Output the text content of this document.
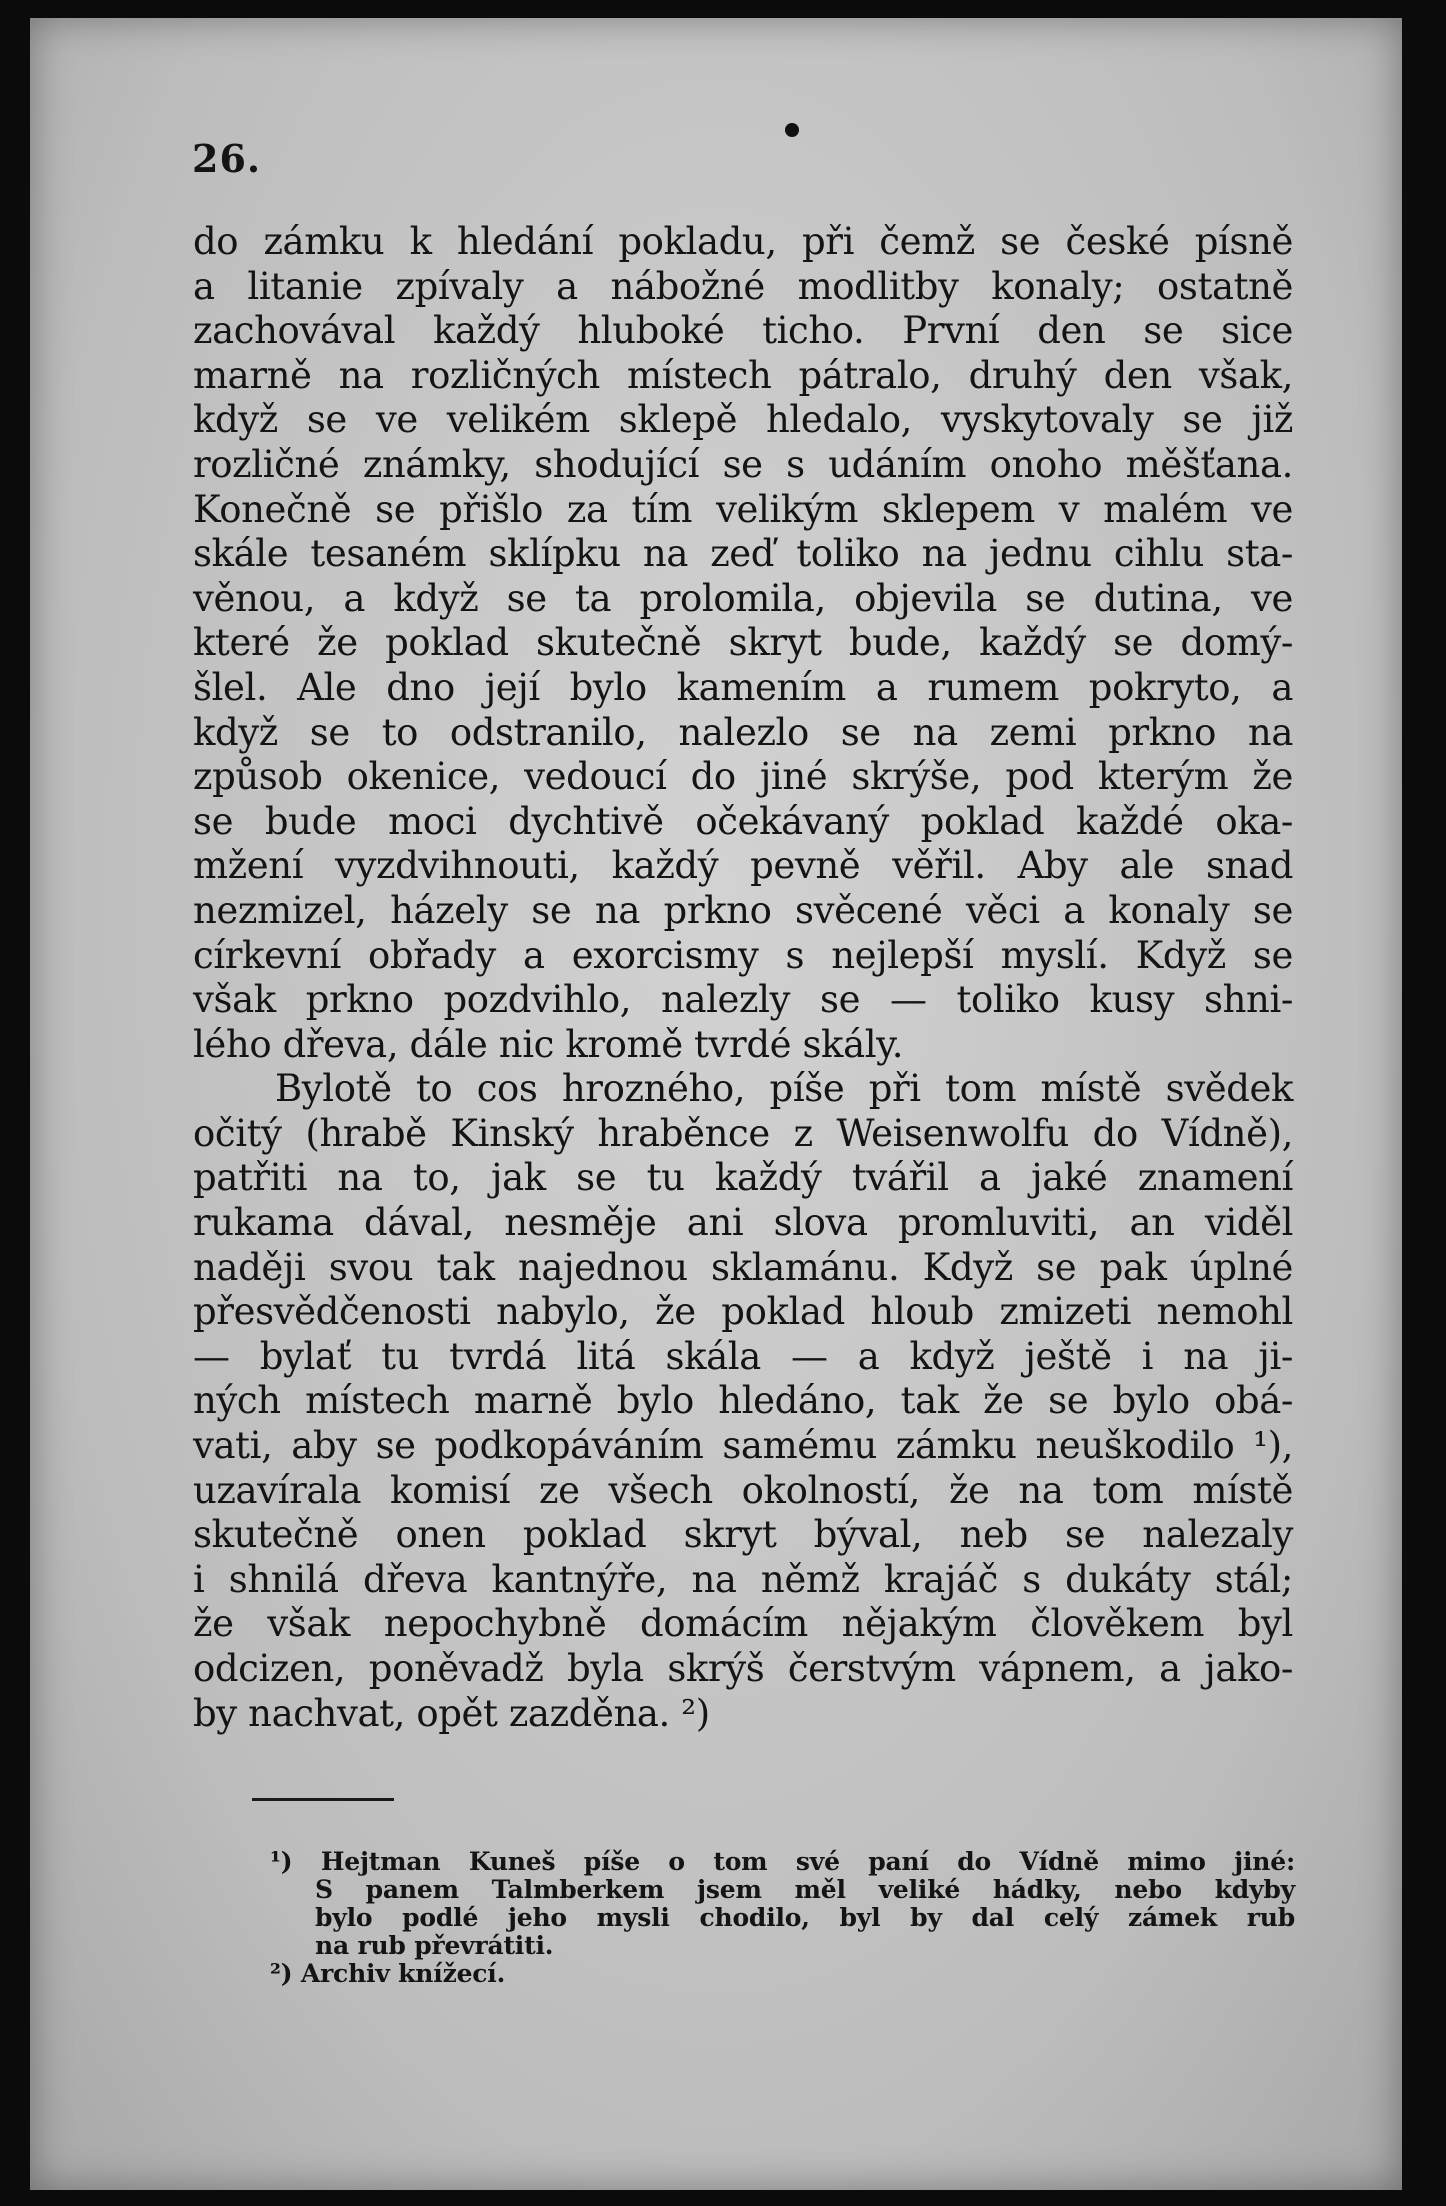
26.
do zámku k hledání pokladu, při čemž se české písně
a litanie zpívaly a nábožné modlitby konaly; ostatně
zachovával každý hluboké ticho. První den se sice
marně na rozličných místech pátralo, druhý den však,
když se ve velikém sklepě hledalo, vyskytovaly se již
rozličné známky, shodující se s udáním onoho měšťana.
Konečně se přišlo za tím velikým sklepem v malém ve
skále tesaném sklípku na zeď toliko na jednu cihlu sta-
věnou, a když se ta prolomila, objevila se dutina, ve
které že poklad skutečně skryt bude, každý se domý-
šlel. Ale dno její bylo kamením a rumem pokryto, a
když se to odstranilo, nalezlo se na zemi prkno na
způsob okenice, vedoucí do jiné skrýše, pod kterým že
se bude moci dychtivě očekávaný poklad každé oka-
mžení vyzdvihnouti, každý pevně věřil. Aby ale snad
nezmizel, házely se na prkno svěcené věci a konaly se
církevní obřady a exorcismy s nejlepší myslí. Když se
však prkno pozdvihlo, nalezly se — toliko kusy shni-
lého dřeva, dále nic kromě tvrdé skály.
Bylotě to cos hrozného, píše při tom místě svědek
očitý (hrabě Kinský hraběnce z Weisenwolfu do Vídně),
patřiti na to, jak se tu každý tvářil a jaké znamení
rukama dával, nesměje ani slova promluviti, an viděl
naději svou tak najednou sklamánu. Když se pak úplné
přesvědčenosti nabylo, že poklad hloub zmizeti nemohl
— bylať tu tvrdá litá skála — a když ještě i na ji-
ných místech marně bylo hledáno, tak že se bylo obá-
vati, aby se podkopáváním samému zámku neuškodilo ¹),
uzavírala komisí ze všech okolností, že na tom místě
skutečně onen poklad skryt býval, neb se nalezaly
i shnilá dřeva kantnýře, na němž krajáč s dukáty stál;
že však nepochybně domácím nějakým člověkem byl
odcizen, poněvadž byla skrýš čerstvým vápnem, a jako-
by nachvat, opět zazděna. ²)
¹) Hejtman Kuneš píše o tom své paní do Vídně mimo jiné:
S panem Talmberkem jsem měl veliké hádky, nebo kdyby
bylo podlé jeho mysli chodilo, byl by dal celý zámek rub
na rub převrátiti.
²) Archiv knížecí.
